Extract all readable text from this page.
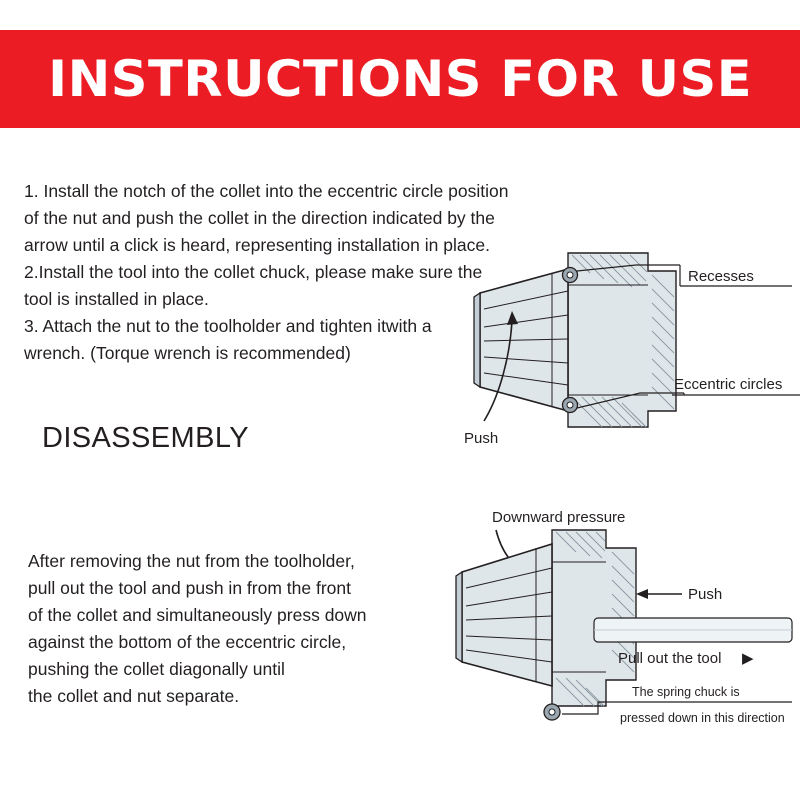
INSTRUCTIONS FOR USE

1. Install the notch of the collet into the eccentric circle position

of the nut and push the collet in the direction indicated by the

arrow until a click is heard, representing installation in place.

2.Install the tool into the collet chuck, please make sure the

tool is installed in place.

3. Attach the nut to the toolholder and tighten itwith a

wrench. (Torque wrench is recommended)

DISASSEMBLY

After removing the nut from the toolholder,

pull out the tool and push in from the front

of the collet and simultaneously press down

against the bottom of the eccentric circle,

pushing the collet diagonally until

the collet and nut separate.

Recesses
Eccentric circles
Push
Downward pressure
Push
Pull out the tool ▶
The spring chuck is
pressed down in this direction
